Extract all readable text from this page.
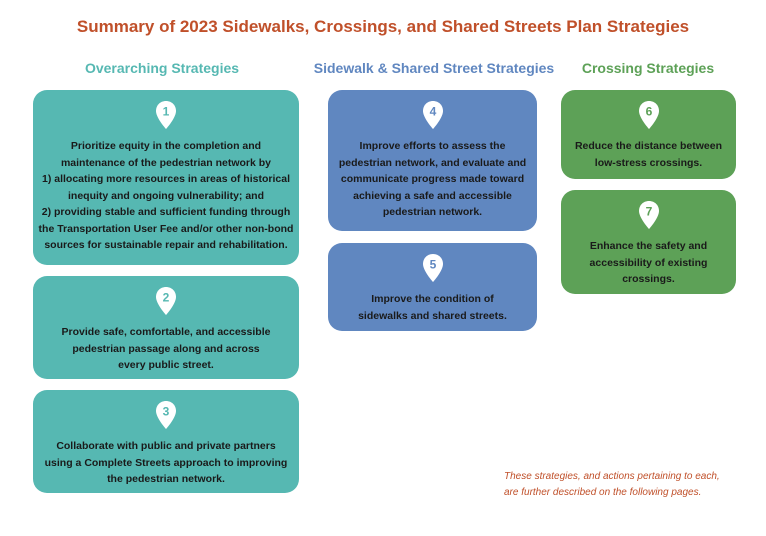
Summary of 2023 Sidewalks, Crossings, and Shared Streets Plan Strategies
Overarching Strategies	Sidewalk & Shared Street Strategies	Crossing Strategies
1
Prioritize equity in the completion and
maintenance of the pedestrian network by
1) allocating more resources in areas of historical
inequity and ongoing vulnerability; and
2) providing stable and sufficient funding through
the Transportation User Fee and/or other non-bond
sources for sustainable repair and rehabilitation.
2
Provide safe, comfortable, and accessible
pedestrian passage along and across
every public street.
3
Collaborate with public and private partners
using a Complete Streets approach to improving
the pedestrian network.
4
Improve efforts to assess the
pedestrian network, and evaluate and
communicate progress made toward
achieving a safe and accessible
pedestrian network.
5
Improve the condition of
sidewalks and shared streets.
6
Reduce the distance between
low-stress crossings.
7
Enhance the safety and
accessibility of existing
crossings.
These strategies, and actions pertaining to each,
are further described on the following pages.
